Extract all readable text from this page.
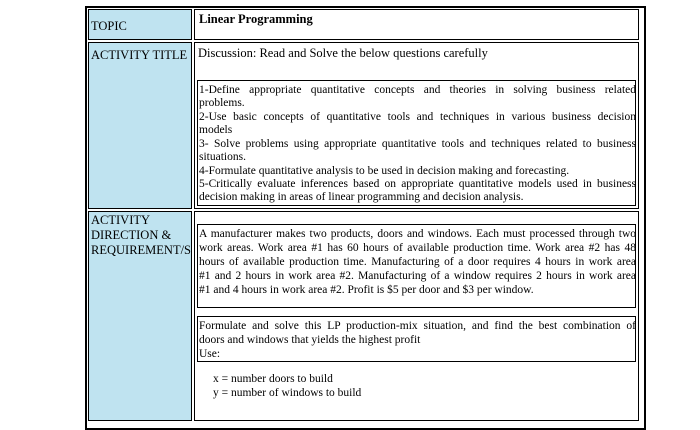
TOPIC
ACTIVITY TITLE
ACTIVITY
DIRECTION &
REQUIREMENT/S
Linear Programming
Discussion: Read and Solve the below questions carefully
1-Define appropriate quantitative concepts and theories in solving business related
problems.
2-Use basic concepts of quantitative tools and techniques in various business decision
models
3- Solve problems using appropriate quantitative tools and techniques related to business
situations.
4-Formulate quantitative analysis to be used in decision making and forecasting.
5-Critically evaluate inferences based on appropriate quantitative models used in business
decision making in areas of linear programming and decision analysis.
A manufacturer makes two products, doors and windows. Each must processed through two
work areas. Work area #1 has 60 hours of available production time. Work area #2 has 48
hours of available production time. Manufacturing of a door requires 4 hours in work area
#1 and 2 hours in work area #2. Manufacturing of a window requires 2 hours in work area
#1 and 4 hours in work area #2. Profit is $5 per door and $3 per window.
Formulate and solve this LP production-mix situation, and find the best combination of
doors and windows that yields the highest profit
Use:
x = number doors to build
y = number of windows to build
